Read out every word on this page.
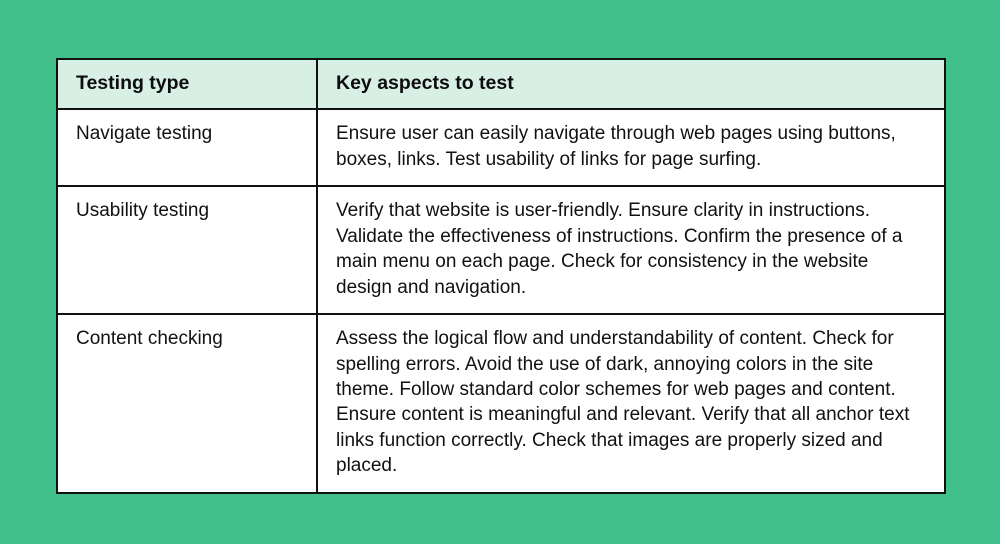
Testing type	Key aspects to test
Navigate testing	Ensure user can easily navigate through web pages using buttons, boxes, links. Test usability of links for page surfing.
Usability testing	Verify that website is user-friendly. Ensure clarity in instructions. Validate the effectiveness of instructions. Confirm the presence of a main menu on each page. Check for consistency in the website design and navigation.
Content checking	Assess the logical flow and understandability of content. Check for spelling errors. Avoid the use of dark, annoying colors in the site theme. Follow standard color schemes for web pages and content. Ensure content is meaningful and relevant. Verify that all anchor text links function correctly. Check that images are properly sized and placed.
